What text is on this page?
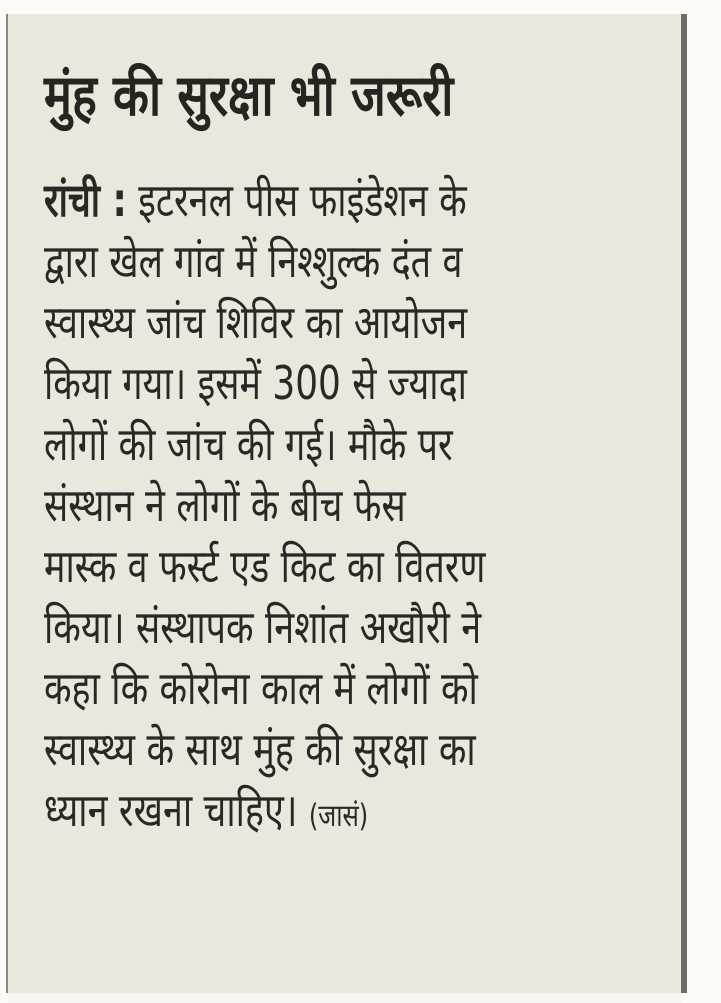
मुंह की सुरक्षा भी जरूरी
रांची : इटरनल पीस फाइंडेशन के
द्वारा खेल गांव में निश्शुल्क दंत व
स्वास्थ्य जांच शिविर का आयोजन
किया गया। इसमें 300 से ज्यादा
लोगों की जांच की गई। मौके पर
संस्थान ने लोगों के बीच फेस
मास्क व फर्स्ट एड किट का वितरण
किया। संस्थापक निशांत अखौरी ने
कहा कि कोरोना काल में लोगों को
स्वास्थ्य के साथ मुंह की सुरक्षा का
ध्यान रखना चाहिए। (जासं)
